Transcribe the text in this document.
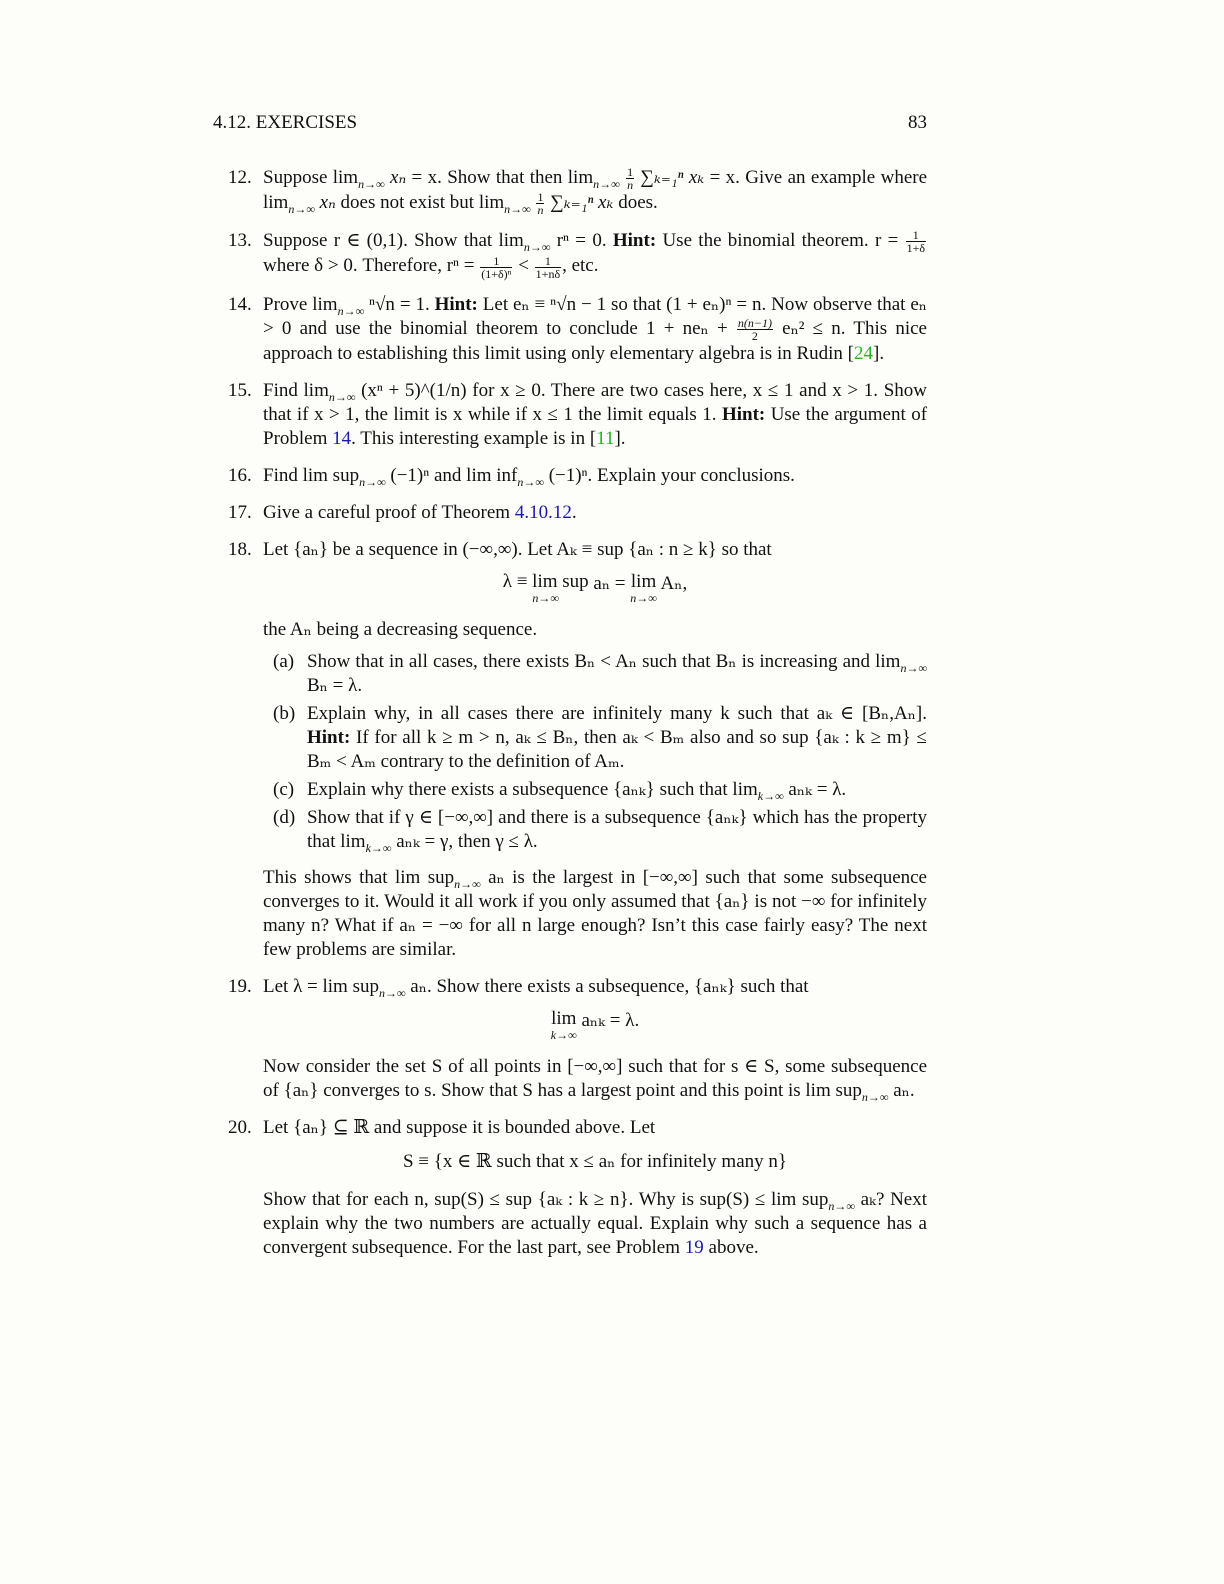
4.12. EXERCISES	83
12. Suppose $\lim_{n\to\infty} x_n = x$. Show that then $\lim_{n\to\infty} \frac{1}{n} \sum_{k=1}^n$ xₖ = x. Give an example where $\lim_{n\to\infty} x_n$ does not exist but $\lim_{n\to\infty} \frac{1}{n} \sum_{k=1}^n$ xₖ does.
13. Suppose r ∈ (0,1). Show that $\lim_{n\to\infty} r^n = 0$. Hint: Use the binomial theorem. $r = \frac{1}{1+\delta}$
where δ > 0. Therefore, $r^n = \frac{1}{\text{(1+δ)ⁿ}} < \frac{1}{1+n\delta}$ , etc.
14. Prove $\lim_{n\to\infty} ^n√n = 1$. Hint: Let eₙ ≡ ⁿ√n − 1 so that (1 + eₙ)ⁿ = n. Now observe that eₙ > 0 and use the binomial theorem to conclude $1 + ne_n + \frac{n(n-1)}{2} e_n^2 \le n$. This nice approach to establishing this limit using only elementary algebra is in Rudin [24].
15. Find $\lim_{n\to\infty} (x^n$ + 5)^(1/n) for x ≥ 0. There are two cases here, x ≤ 1 and x > 1. Show that if x > 1, the limit is x while if x ≤ 1 the limit equals 1. Hint: Use the argument of Problem 14. This interesting example is in [11].
16. Find lim sup$_{n\to\infty}$ (−1)ⁿ and lim inf$_{n\to\infty}$ (−1)ⁿ. Explain your conclusions.
17. Give a careful proof of Theorem 4.10.12.
18. Let {aₙ} be a sequence in (−∞,∞). Let Aₖ ≡ sup {aₙ : n ≥ k} so that
λ ≡ lim sup
n→∞
aₙ = lim
n→∞
Aₙ,
the Aₙ being a decreasing sequence.
(a) Show that in all cases, there exists Bₙ < Aₙ such that Bₙ is increasing and $\lim_{n\to\infty} B_n = \lambda$.
(b) Explain why, in all cases there are infinitely many k such that aₖ ∈ [Bₙ,Aₙ]. Hint: If for all k ≥ m > n, aₖ ≤ Bₙ, then aₖ < Bₘ also and so sup {aₖ : k ≥ m} ≤ Bₘ < Aₘ contrary to the definition of Aₘ.
(c) Explain why there exists a subsequence {aₙₖ} such that $\lim_{k\to\infty} a_{nk} = \lambda$.
(d) Show that if γ ∈ [−∞,∞] and there is a subsequence {aₙₖ} which has the property that $\lim_{k\to\infty} a_{nk} = \gamma$, then γ ≤ λ.
This shows that lim sup$_{n\to\infty}$ aₙ is the largest in [−∞,∞] such that some subsequence converges to it. Would it all work if you only assumed that {aₙ} is not −∞ for infinitely many n? What if aₙ = −∞ for all n large enough? Isn’t this case fairly easy? The next few problems are similar.
19. Let λ = lim sup$_{n\to\infty}$ aₙ. Show there exists a subsequence, {aₙₖ} such that
lim
k→∞
aₙₖ = λ.
Now consider the set S of all points in [−∞,∞] such that for s ∈ S, some subsequence of {aₙ} converges to s. Show that S has a largest point and this point is lim sup$_{n\to\infty}$ aₙ.
20. Let {aₙ} ⊆ ℝ and suppose it is bounded above. Let
S ≡ {x ∈ ℝ such that x ≤ aₙ for infinitely many n}
Show that for each n, sup(S) ≤ sup {aₖ : k ≥ n}. Why is sup(S) ≤ lim sup$_{n\to\infty}$ aₖ? Next explain why the two numbers are actually equal. Explain why such a sequence has a convergent subsequence. For the last part, see Problem 19 above.
